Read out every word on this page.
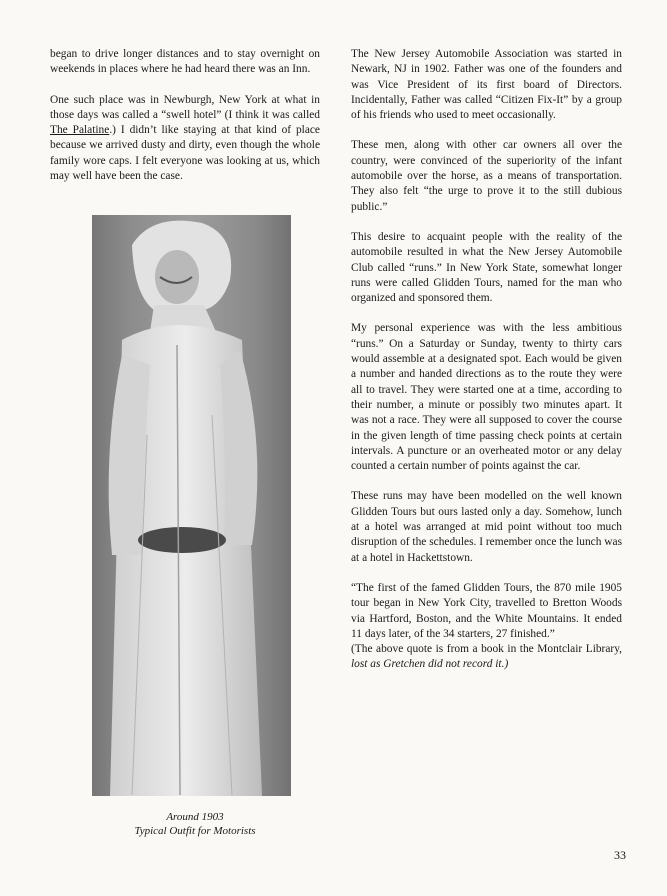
began to drive longer distances and to stay overnight on weekends in places where he had heard there was an Inn.

One such place was in Newburgh, New York at what in those days was called a “swell hotel” (I think it was called The Palatine.) I didn’t like staying at that kind of place because we arrived dusty and dirty, even though the whole family wore caps. I felt everyone was looking at us, which may well have been the case.

Around 1903
Typical Outfit for Motorists

The New Jersey Automobile Association was started in Newark, NJ in 1902. Father was one of the founders and was Vice President of its first board of Directors. Incidentally, Father was called “Citizen Fix-It” by a group of his friends who used to meet occasionally.

These men, along with other car owners all over the country, were convinced of the superiority of the infant automobile over the horse, as a means of transportation. They also felt “the urge to prove it to the still dubious public.”

This desire to acquaint people with the reality of the automobile resulted in what the New Jersey Automobile Club called “runs.” In New York State, somewhat longer runs were called Glidden Tours, named for the man who organized and sponsored them.

My personal experience was with the less ambitious “runs.” On a Saturday or Sunday, twenty to thirty cars would assemble at a designated spot. Each would be given a number and handed directions as to the route they were all to travel. They were started one at a time, according to their number, a minute or possibly two minutes apart. It was not a race. They were all supposed to cover the course in the given length of time passing check points at certain intervals. A puncture or an overheated motor or any delay counted a certain number of points against the car.

These runs may have been modelled on the well known Glidden Tours but ours lasted only a day. Somehow, lunch at a hotel was arranged at mid point without too much disruption of the schedules. I remember once the lunch was at a hotel in Hackettstown.

“The first of the famed Glidden Tours, the 870 mile 1905 tour began in New York City, travelled to Bretton Woods via Hartford, Boston, and the White Mountains. It ended 11 days later, of the 34 starters, 27 finished.”
(The above quote is from a book in the Montclair Library, lost as Gretchen did not record it.)

33
